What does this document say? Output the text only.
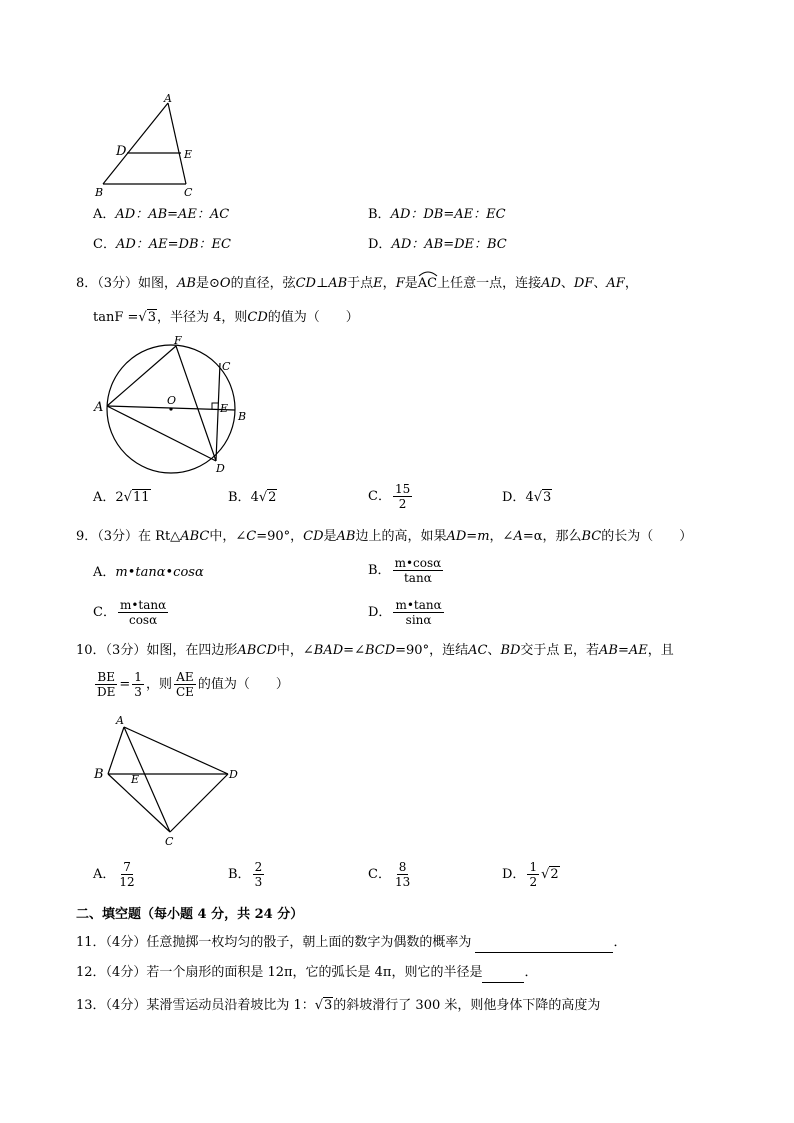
A
D	E
B	C
A．AD：AB=AE：AC	B．AD：DB=AE：EC
C．AD：AE=DB：EC	D．AD：AB=DE：BC
8．（3分）如图，AB是⊙O的直径，弦CD⊥AB于点E，F是
AC上任意一点，连接AD、DF、AF，
tanF =√3，半径为 4，则CD的值为（　　）
F
C
A	O
E
B
D
A．2√11	B．4√2	C． $\frac{15}{2}$	D．4√3
9．（3分）在 Rt△ABC中，∠C=90°，CD是AB边上的高，如果AD=m，∠A=α，那么BC的长为（　　）
A．m•tanα•cosα	B． $\frac{m•\cos\alpha}{\tan\alpha}$
C． $\frac{m•\tan\alpha}{\cos\alpha}$	D． $\frac{m•\tan\alpha}{\sin\alpha}$
10．（3分）如图，在四边形ABCD中，∠BAD=∠BCD=90°，连结AC、BD交于点 E，若AB=AE，且
$\frac{BE}{DE} = \frac{1}{3}$ ，则 $\frac{AE}{CE}$ 的值为（　　）
A
B E	D
C
A． $\frac{7}{12}$	B． $\frac{2}{3}$	C． $\frac{8}{13}$	D． $\frac{1}{2} √2$
二、填空题（每小题 4 分，共 24 分）
11．（4分）任意抛掷一枚均匀的骰子，朝上面的数字为偶数的概率为	．
12．（4分）若一个扇形的面积是 12π，它的弧长是 4π，则它的半径是	．
13．（4分）某滑雪运动员沿着坡比为 1：√3的斜坡滑行了 300 米，则他身体下降的高度为
